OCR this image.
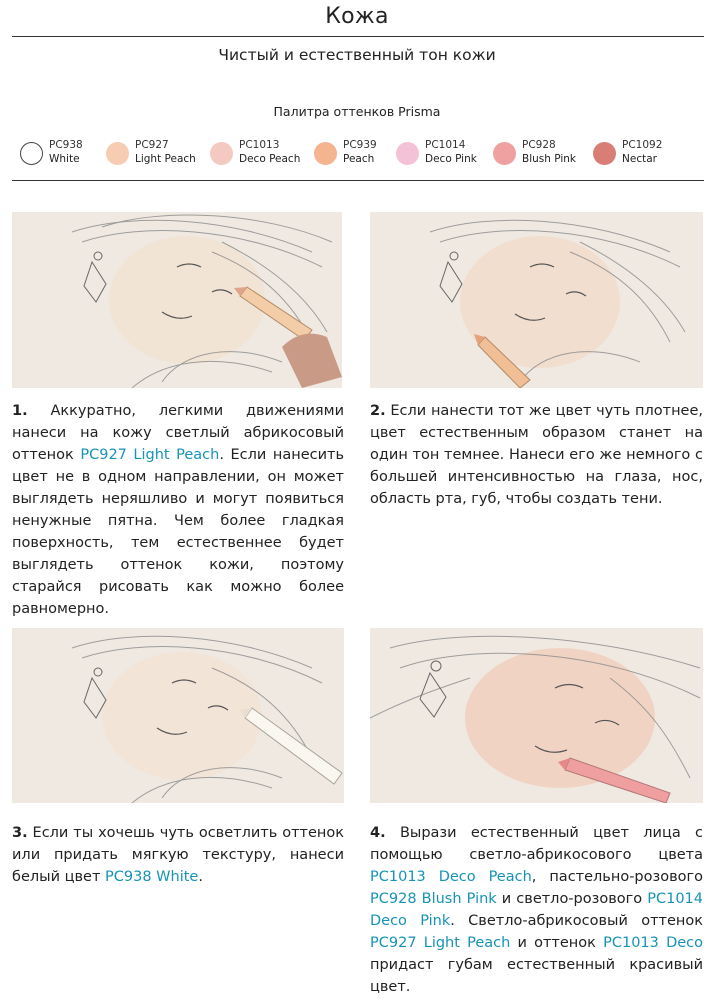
Кожа
Чистый и естественный тон кожи
Палитра оттенков Prisma
PC938
White
PC927
Light Peach
PC1013
Deco Peach
PC939
Peach
PC1014
Deco Pink
PC928
Blush Pink
PC1092
Nectar

1. Аккуратно, легкими движениями нанеси на кожу светлый абрикосовый оттенок PC927 Light Peach. Если нанесить цвет не в одном направлении, он может выглядеть неряшливо и могут появиться ненужные пятна. Чем более гладкая поверхность, тем естественнее будет выглядеть оттенок кожи, поэтому старайся рисовать как можно более равномерно.

2. Если нанести тот же цвет чуть плотнее, цвет естественным образом станет на один тон темнее. Нанеси его же немного с большей интенсивностью на глаза, нос, область рта, губ, чтобы создать тени.

3. Если ты хочешь чуть осветлить оттенок или придать мягкую текстуру, нанеси белый цвет PC938 White.

4. Вырази естественный цвет лица с помощью светло-абрикосового цвета PC1013 Deco Peach, пастельно-розового PC928 Blush Pink и светло-розового PC1014 Deco Pink. Светло-абрикосовый оттенок PC927 Light Peach и оттенок PC1013 Deco придаст губам естественный красивый цвет.
